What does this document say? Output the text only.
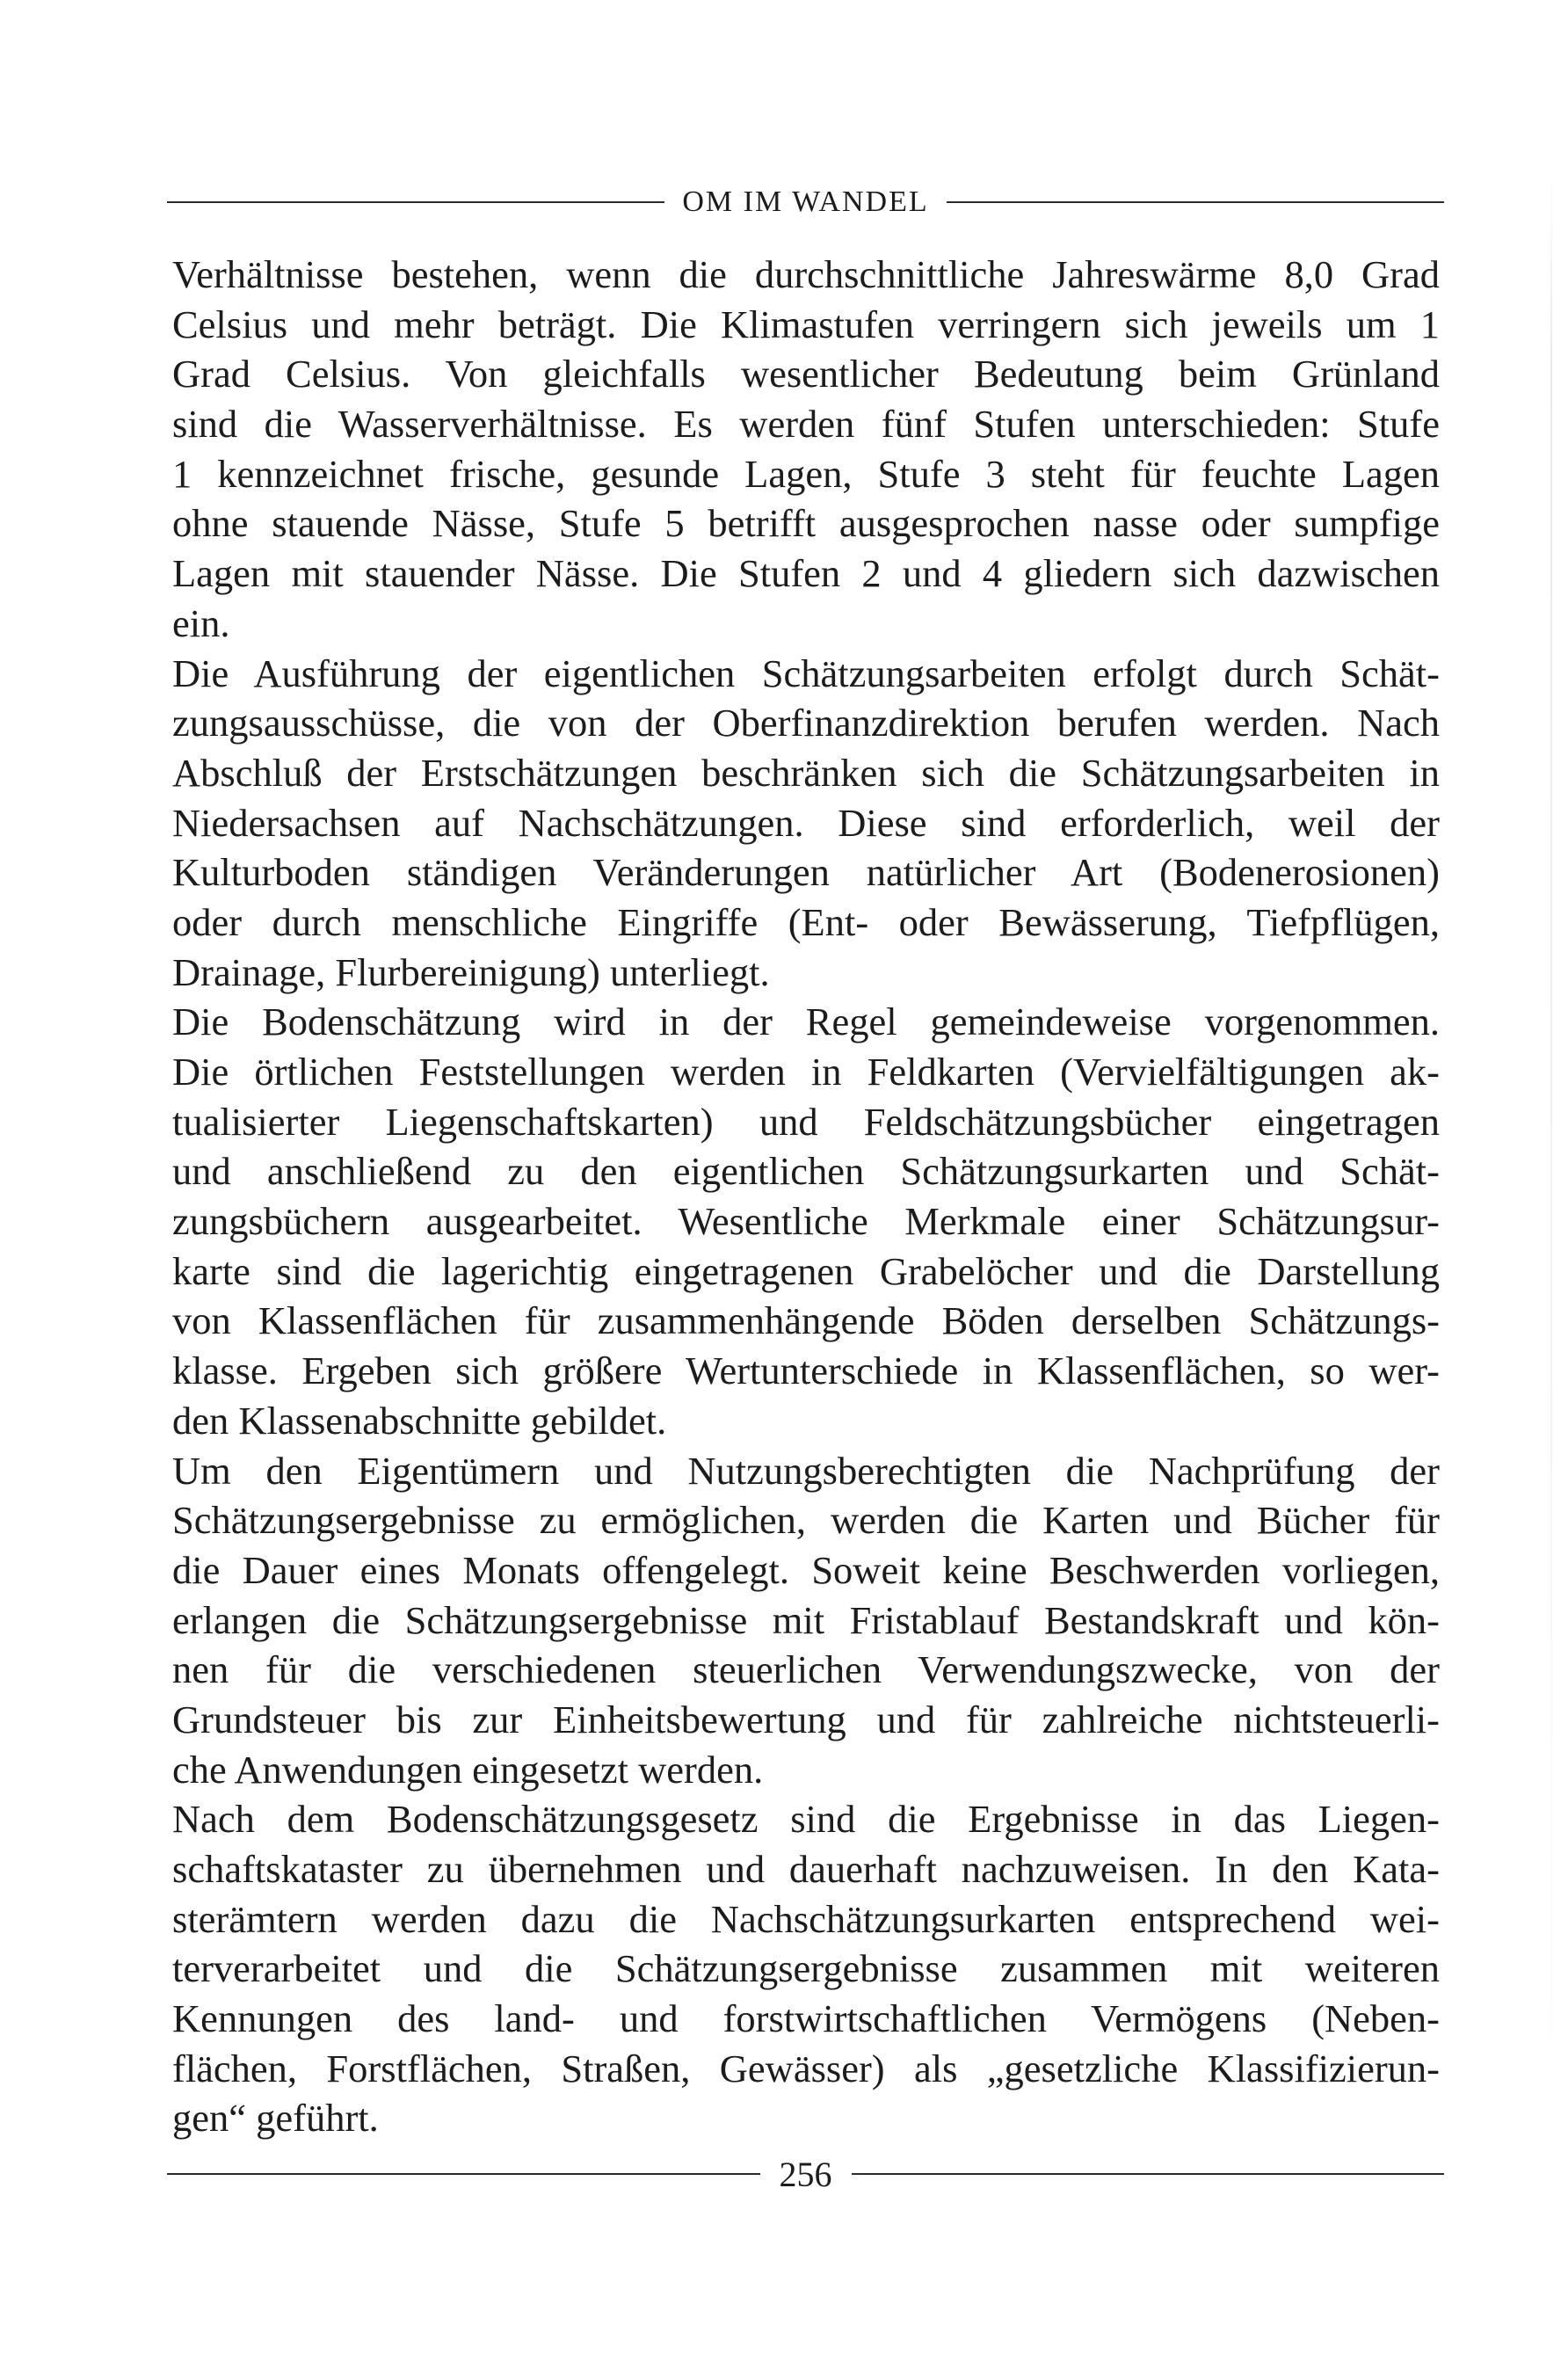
OM IM WANDEL
Verhältnisse bestehen, wenn die durchschnittliche Jahreswärme 8,0 Grad
Celsius und mehr beträgt. Die Klimastufen verringern sich jeweils um 1
Grad Celsius. Von gleichfalls wesentlicher Bedeutung beim Grünland
sind die Wasserverhältnisse. Es werden fünf Stufen unterschieden: Stufe
1 kennzeichnet frische, gesunde Lagen, Stufe 3 steht für feuchte Lagen
ohne stauende Nässe, Stufe 5 betrifft ausgesprochen nasse oder sumpfige
Lagen mit stauender Nässe. Die Stufen 2 und 4 gliedern sich dazwischen
ein.
Die Ausführung der eigentlichen Schätzungsarbeiten erfolgt durch Schät-
zungsausschüsse, die von der Oberfinanzdirektion berufen werden. Nach
Abschluß der Erstschätzungen beschränken sich die Schätzungsarbeiten in
Niedersachsen auf Nachschätzungen. Diese sind erforderlich, weil der
Kulturboden ständigen Veränderungen natürlicher Art (Bodenerosionen)
oder durch menschliche Eingriffe (Ent- oder Bewässerung, Tiefpflügen,
Drainage, Flurbereinigung) unterliegt.
Die Bodenschätzung wird in der Regel gemeindeweise vorgenommen.
Die örtlichen Feststellungen werden in Feldkarten (Vervielfältigungen ak-
tualisierter Liegenschaftskarten) und Feldschätzungsbücher eingetragen
und anschließend zu den eigentlichen Schätzungsurkarten und Schät-
zungsbüchern ausgearbeitet. Wesentliche Merkmale einer Schätzungsur-
karte sind die lagerichtig eingetragenen Grabelöcher und die Darstellung
von Klassenflächen für zusammenhängende Böden derselben Schätzungs-
klasse. Ergeben sich größere Wertunterschiede in Klassenflächen, so wer-
den Klassenabschnitte gebildet.
Um den Eigentümern und Nutzungsberechtigten die Nachprüfung der
Schätzungsergebnisse zu ermöglichen, werden die Karten und Bücher für
die Dauer eines Monats offengelegt. Soweit keine Beschwerden vorliegen,
erlangen die Schätzungsergebnisse mit Fristablauf Bestandskraft und kön-
nen für die verschiedenen steuerlichen Verwendungszwecke, von der
Grundsteuer bis zur Einheitsbewertung und für zahlreiche nichtsteuerli-
che Anwendungen eingesetzt werden.
Nach dem Bodenschätzungsgesetz sind die Ergebnisse in das Liegen-
schaftskataster zu übernehmen und dauerhaft nachzuweisen. In den Kata-
sterämtern werden dazu die Nachschätzungsurkarten entsprechend wei-
terverarbeitet und die Schätzungsergebnisse zusammen mit weiteren
Kennungen des land- und forstwirtschaftlichen Vermögens (Neben-
flächen, Forstflächen, Straßen, Gewässer) als „gesetzliche Klassifizierun-
gen“ geführt.
256
